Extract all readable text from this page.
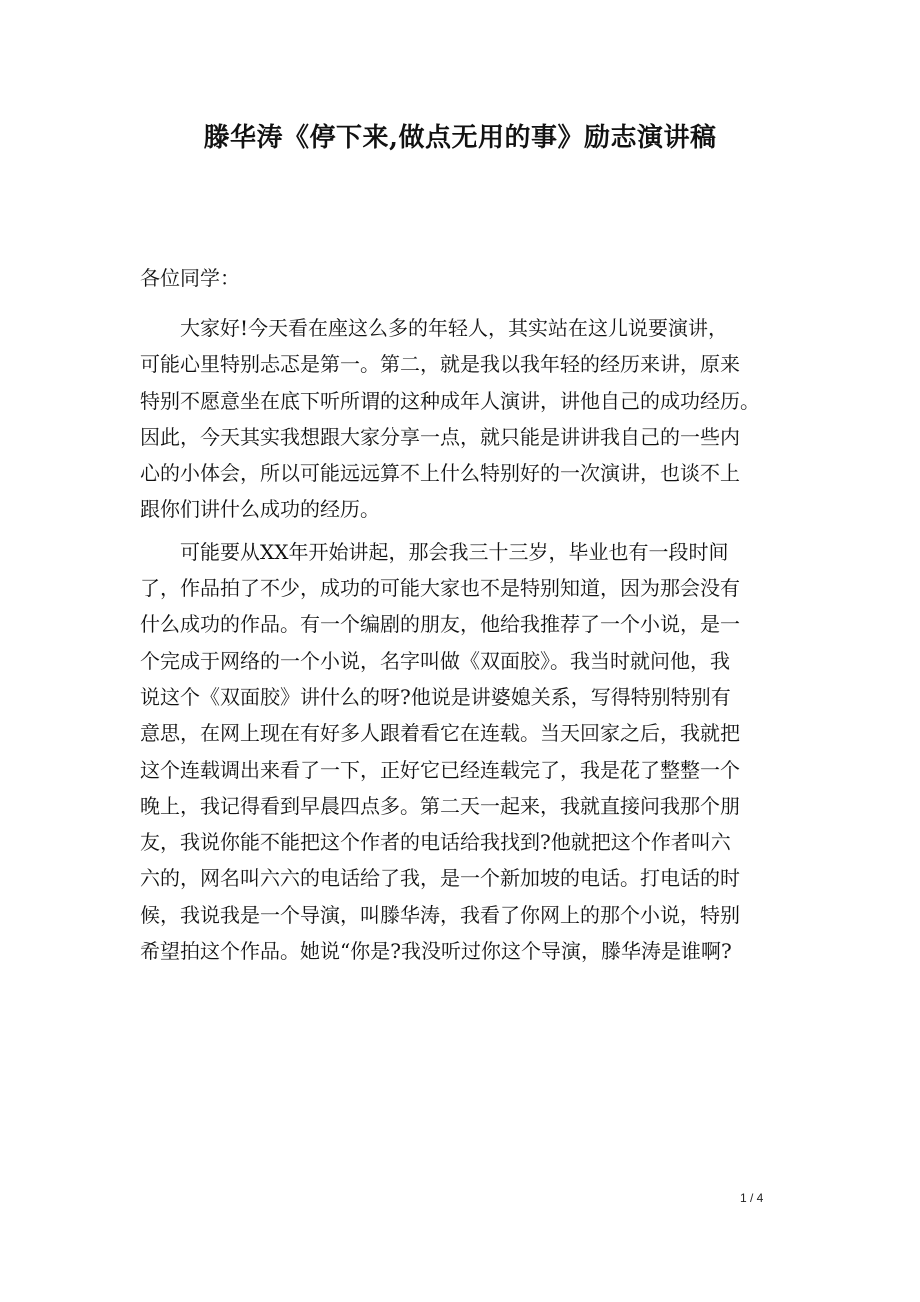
滕华涛《停下来,做点无用的事》励志演讲稿

各位同学：

大家好!今天看在座这么多的年轻人，其实站在这儿说要演讲，
可能心里特别忐忑是第一。第二，就是我以我年轻的经历来讲，原来
特别不愿意坐在底下听所谓的这种成年人演讲，讲他自己的成功经历。
因此，今天其实我想跟大家分享一点，就只能是讲讲我自己的一些内
心的小体会，所以可能远远算不上什么特别好的一次演讲，也谈不上
跟你们讲什么成功的经历。

可能要从XX年开始讲起，那会我三十三岁，毕业也有一段时间
了，作品拍了不少，成功的可能大家也不是特别知道，因为那会没有
什么成功的作品。有一个编剧的朋友，他给我推荐了一个小说，是一
个完成于网络的一个小说，名字叫做《双面胶》。我当时就问他，我
说这个《双面胶》讲什么的呀?他说是讲婆媳关系，写得特别特别有
意思，在网上现在有好多人跟着看它在连载。当天回家之后，我就把
这个连载调出来看了一下，正好它已经连载完了，我是花了整整一个
晚上，我记得看到早晨四点多。第二天一起来，我就直接问我那个朋
友，我说你能不能把这个作者的电话给我找到?他就把这个作者叫六
六的，网名叫六六的电话给了我，是一个新加坡的电话。打电话的时
候，我说我是一个导演，叫滕华涛，我看了你网上的那个小说，特别
希望拍这个作品。她说“你是?我没听过你这个导演，滕华涛是谁啊?

1 / 4
